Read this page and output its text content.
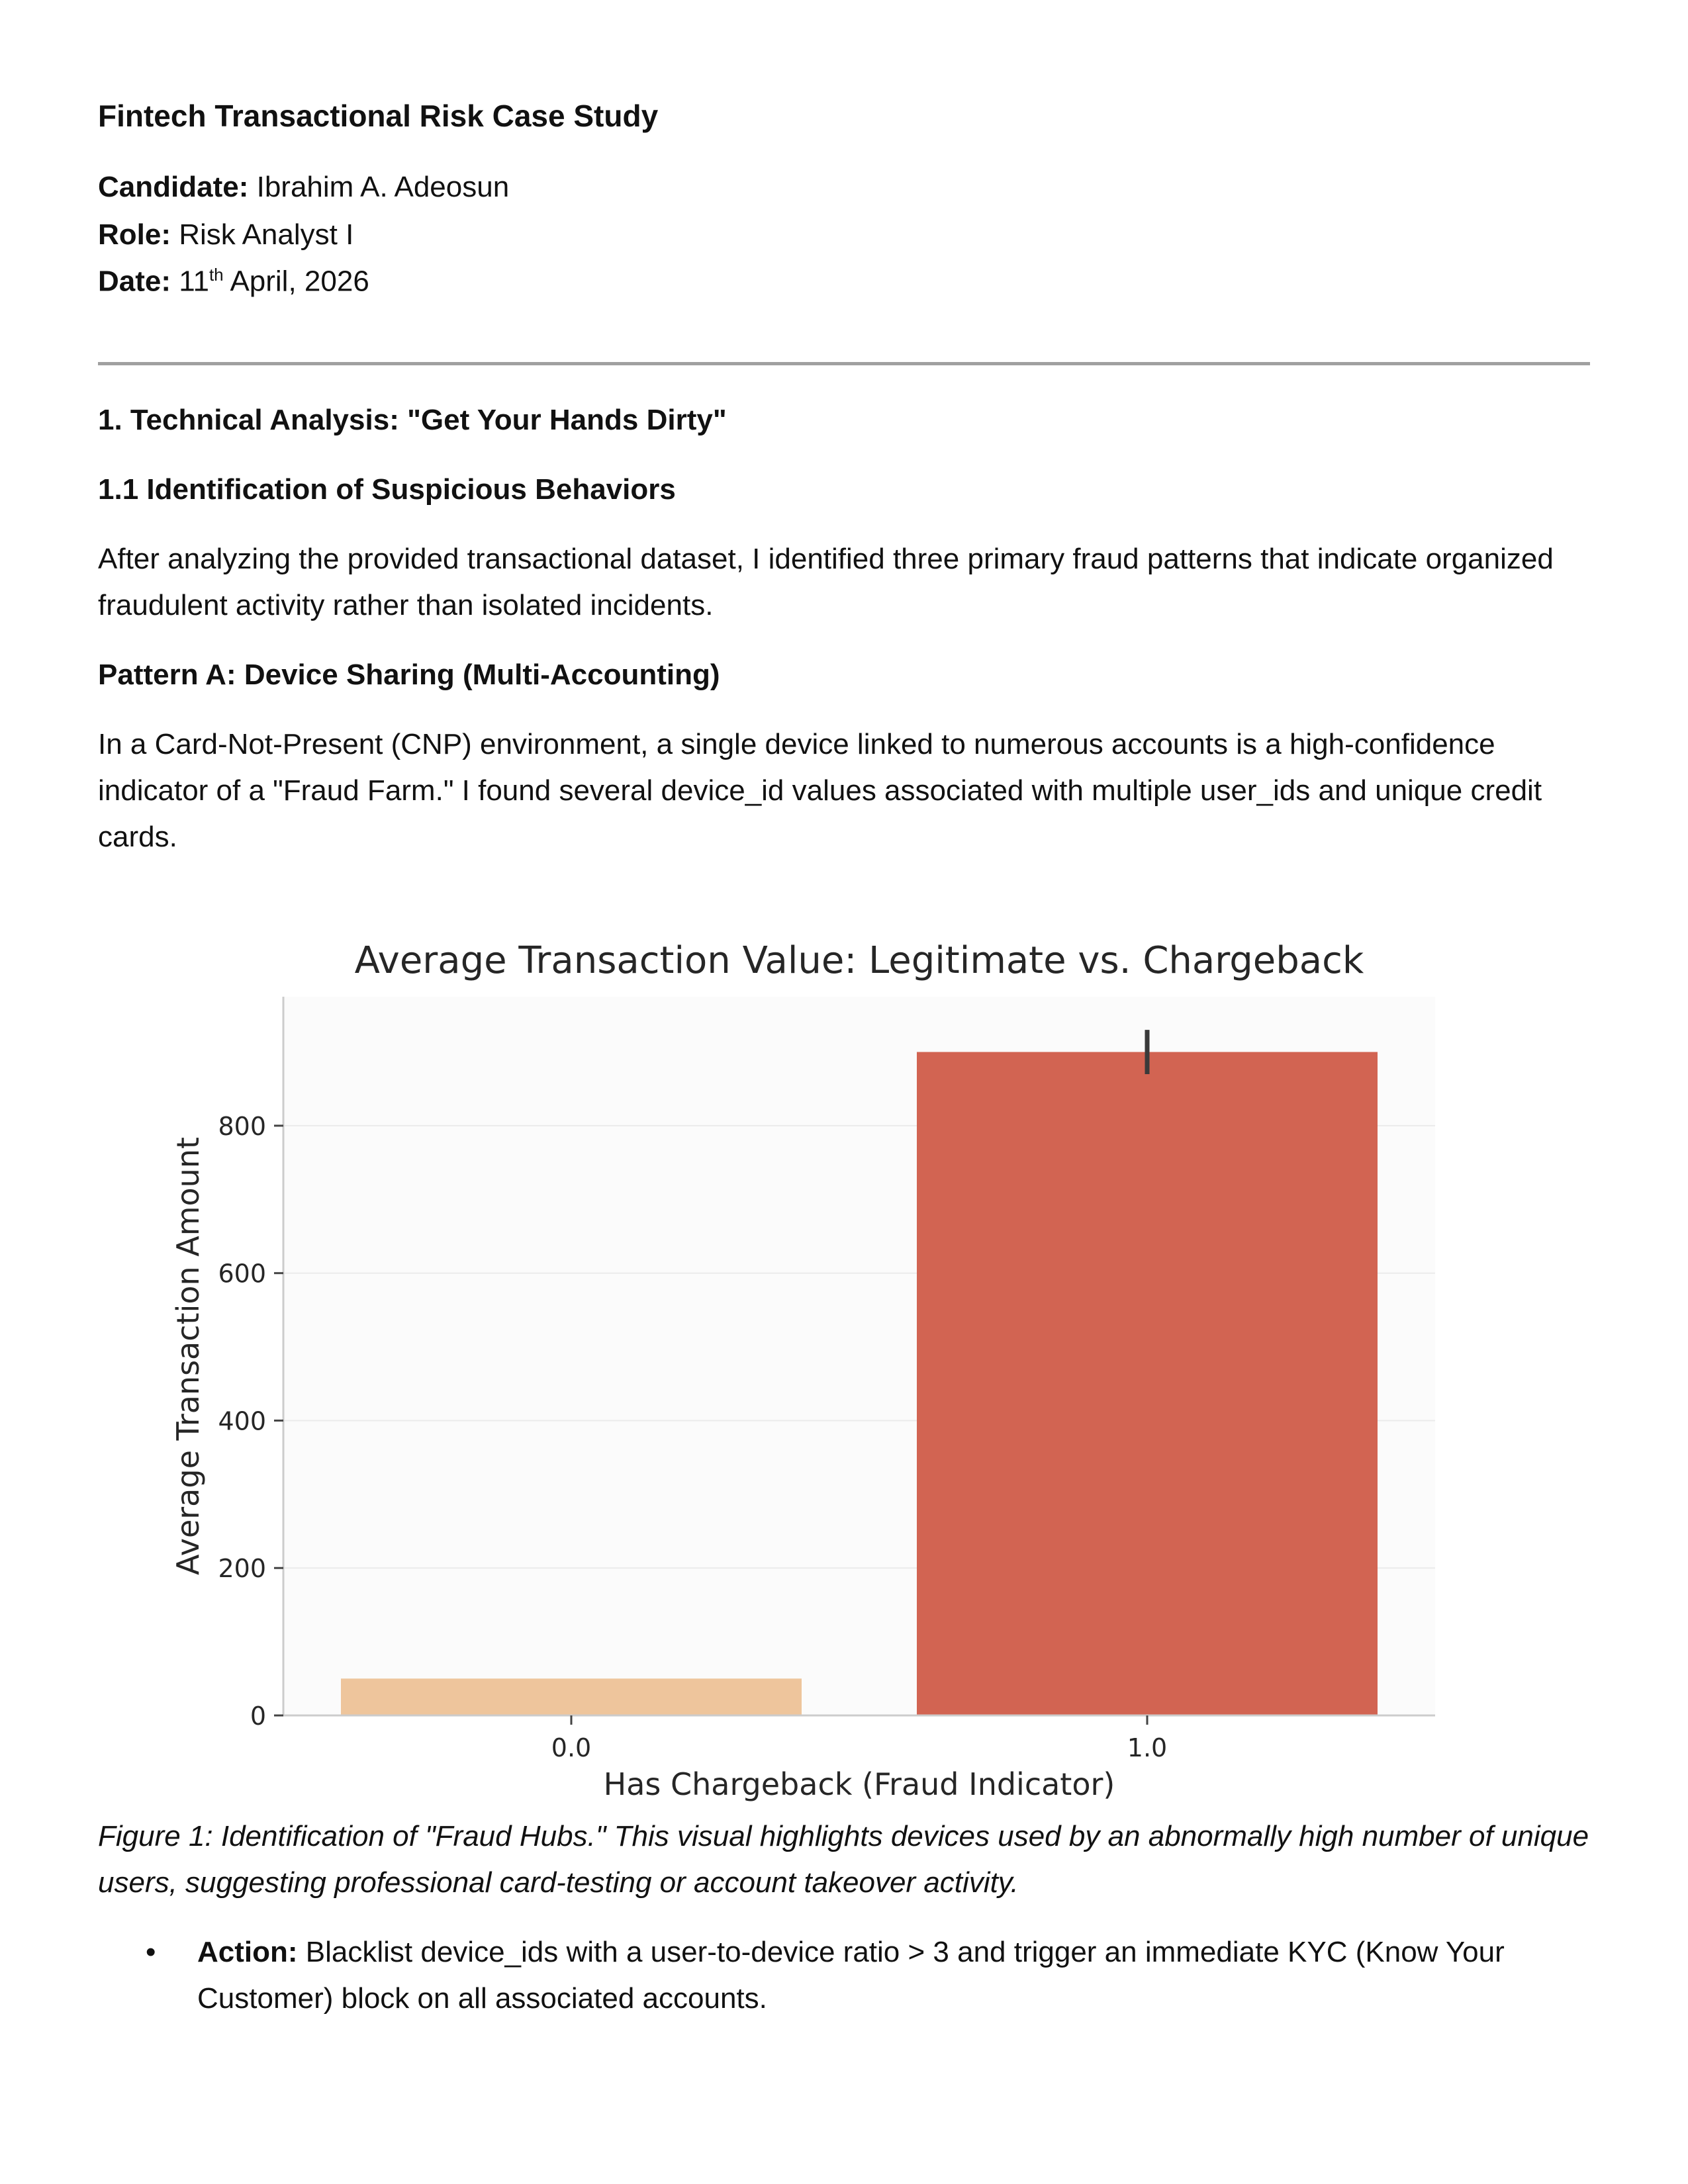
Fintech Transactional Risk Case Study
Candidate: Ibrahim A. Adeosun
Role: Risk Analyst I
Date: 11th April, 2026
1. Technical Analysis: "Get Your Hands Dirty"
1.1 Identification of Suspicious Behaviors

After analyzing the provided transactional dataset, I identified three primary fraud patterns that indicate organized fraudulent activity rather than isolated incidents.

Pattern A: Device Sharing (Multi-Accounting)

In a Card-Not-Present (CNP) environment, a single device linked to numerous accounts is a high-confidence indicator of a "Fraud Farm." I found several device_id values associated with multiple user_ids and unique credit cards.

Figure 1: Identification of "Fraud Hubs." This visual highlights devices used by an abnormally high number of unique users, suggesting professional card-testing or account takeover activity.

• Action: Blacklist device_ids with a user-to-device ratio > 3 and trigger an immediate KYC (Know Your Customer) block on all associated accounts.
0
200
400
600
800
0.0	1.0
Average Transaction Value: Legitimate vs. Chargeback
Has Chargeback (Fraud Indicator)
Average Transaction Amount
